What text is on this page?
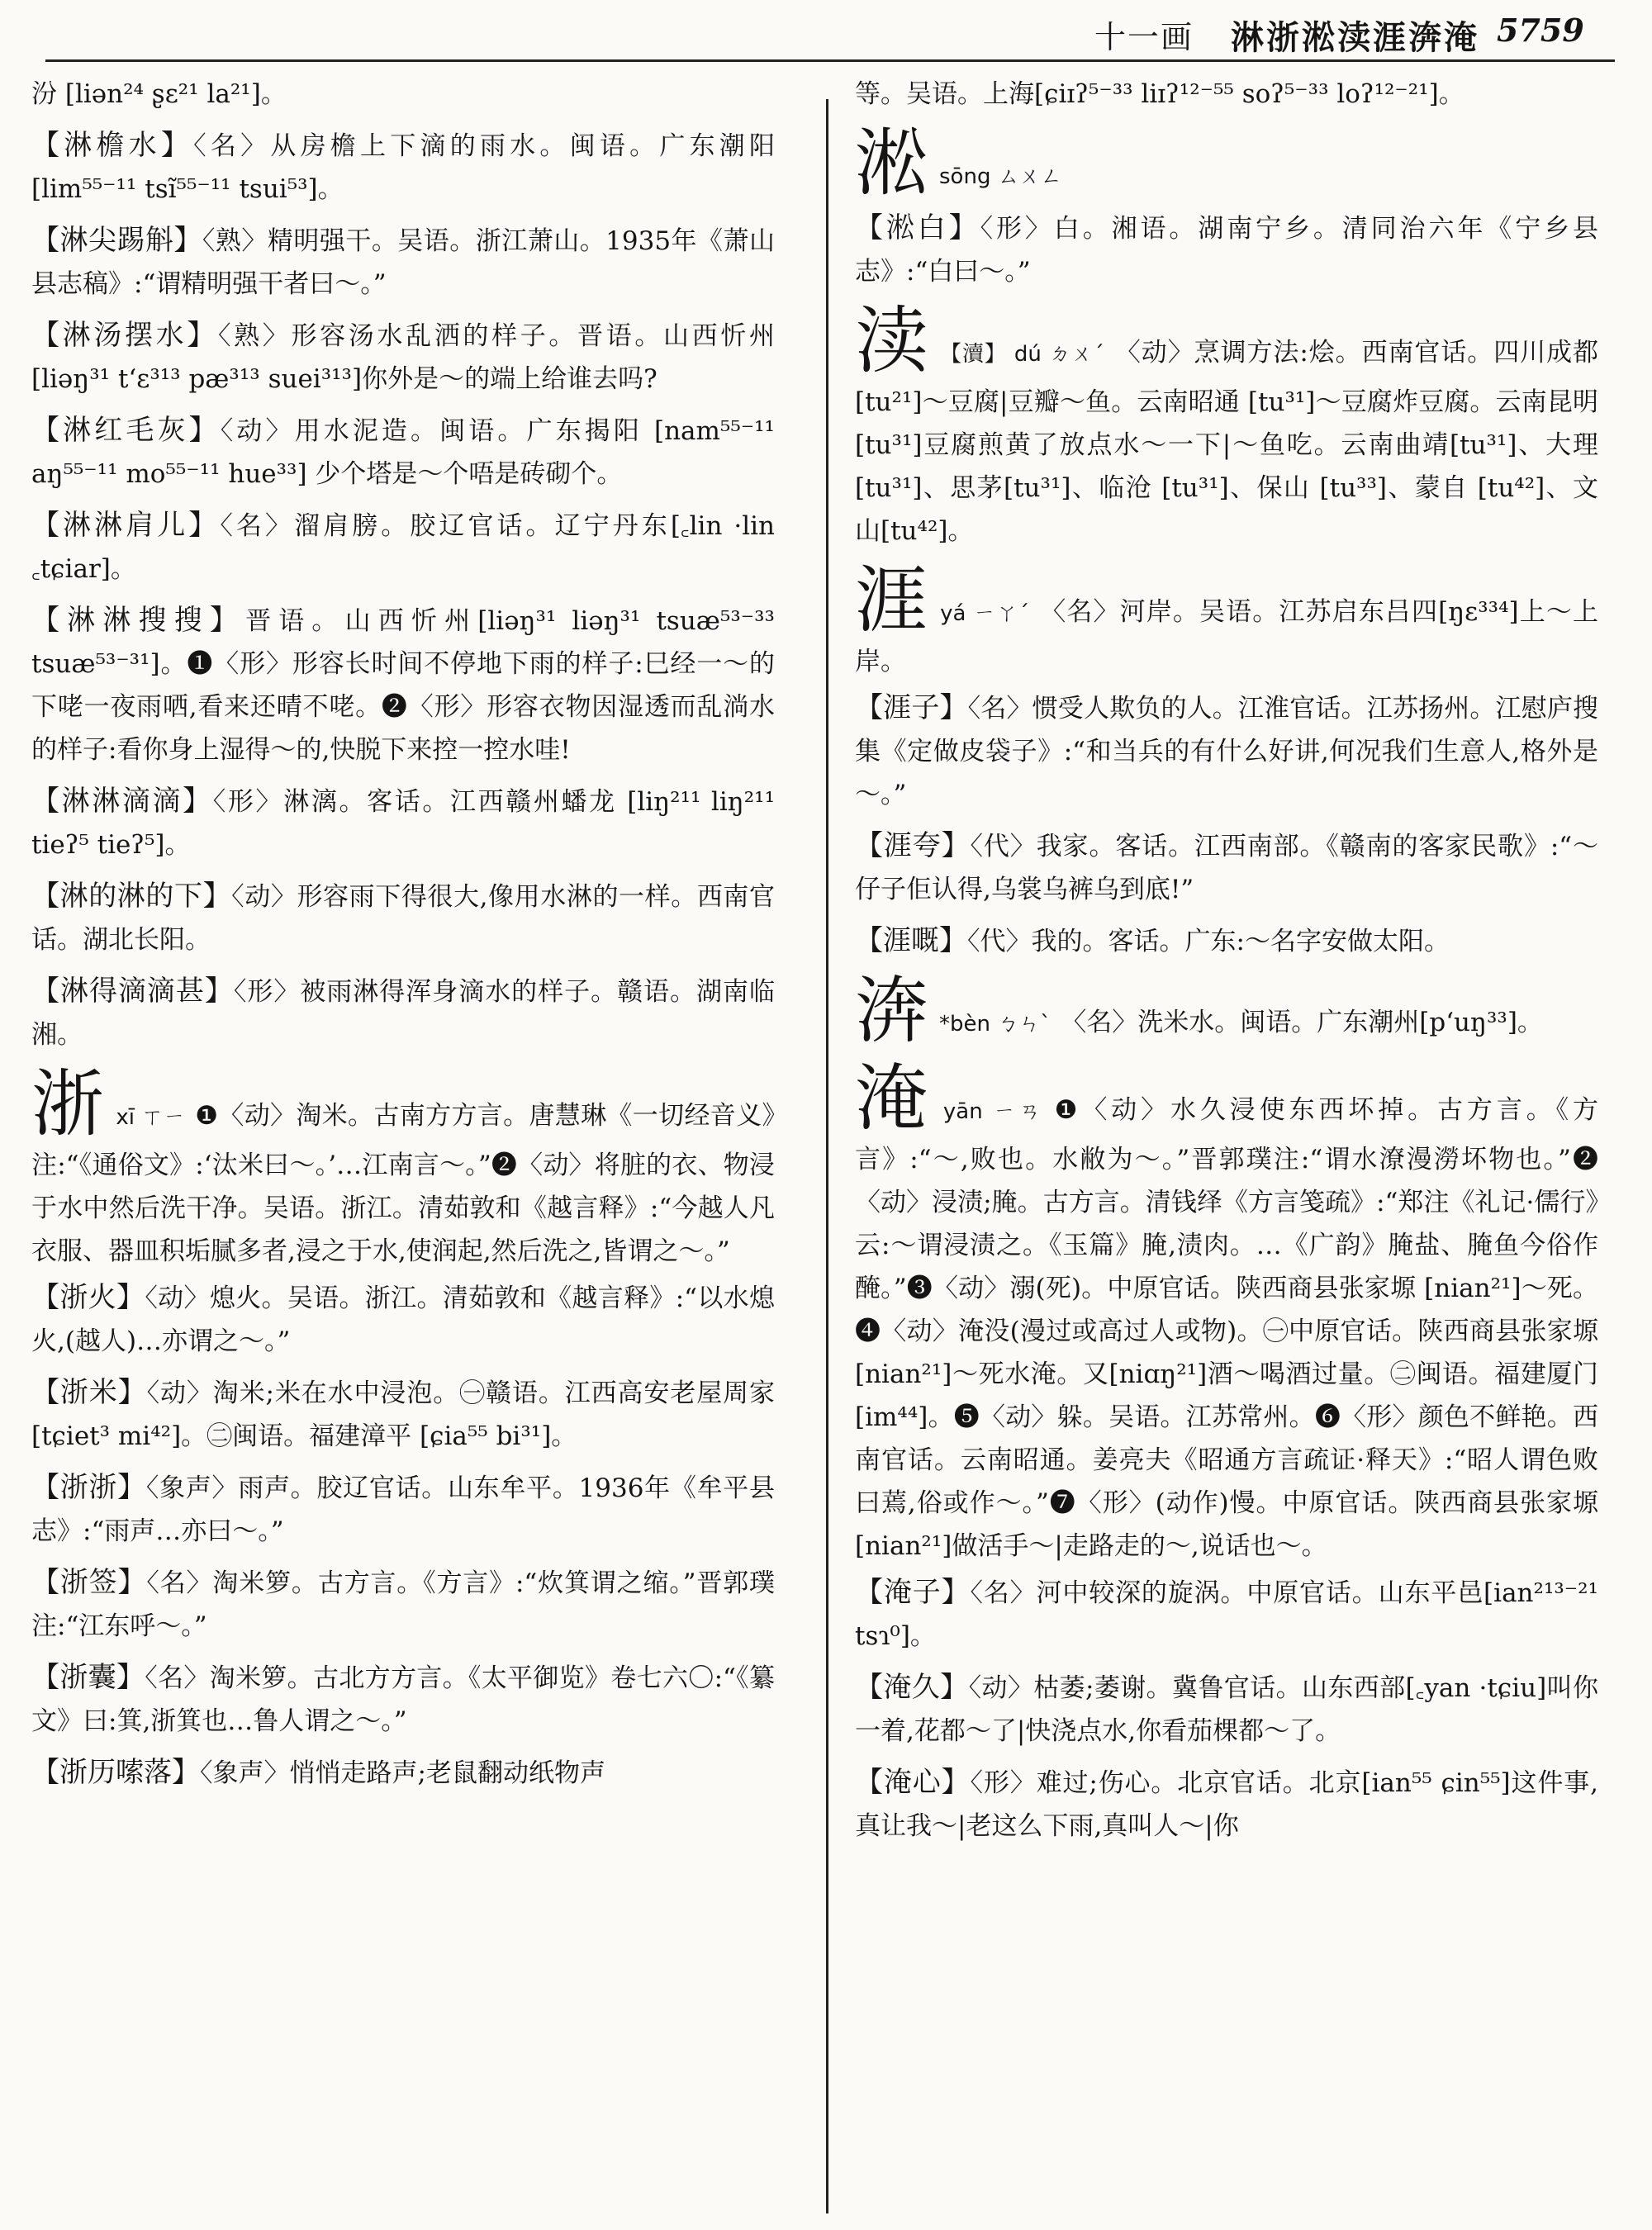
十一画 淋浙淞渎涯渀淹 5759

汾 [liən²⁴ ʂɛ²¹ la²¹]。

【淋檐水】〈名〉从房檐上下滴的雨水。闽语。广东潮阳[lim⁵⁵⁻¹¹ tsĩ⁵⁵⁻¹¹ tsui⁵³]。

【淋尖踢斛】〈熟〉精明强干。吴语。浙江萧山。1935年《萧山县志稿》:“谓精明强干者曰～。”

【淋汤摆水】〈熟〉形容汤水乱洒的样子。晋语。山西忻州 [liəŋ³¹ tʻɛ³¹³ pæ³¹³ suei³¹³]你外是～的端上给谁去吗?

【淋红毛灰】〈动〉用水泥造。闽语。广东揭阳 [nam⁵⁵⁻¹¹ aŋ⁵⁵⁻¹¹ mo⁵⁵⁻¹¹ hue³³] 少个塔是～个唔是砖砌个。

【淋淋肩儿】〈名〉溜肩膀。胶辽官话。辽宁丹东[꜀lin ·lin ꜀tɕiar]。

【淋淋搜搜】晋语。山西忻州[liəŋ³¹ liəŋ³¹ tsuæ⁵³⁻³³ tsuæ⁵³⁻³¹]。❶〈形〉形容长时间不停地下雨的样子:巳经一～的下咾一夜雨哂,看来还晴不咾。❷〈形〉形容衣物因湿透而乱淌水的样子:看你身上湿得～的,快脱下来控一控水哇!

【淋淋滴滴】〈形〉淋漓。客话。江西赣州蟠龙 [liŋ²¹¹ liŋ²¹¹ tieʔ⁵ tieʔ⁵]。

【淋的淋的下】〈动〉形容雨下得很大,像用水淋的一样。西南官话。湖北长阳。

【淋得滴滴甚】〈形〉被雨淋得浑身滴水的样子。赣语。湖南临湘。

浙xī ㄒㄧ ❶〈动〉淘米。古南方方言。唐慧琳《一切经音义》注:“《通俗文》:‘汰米曰～。’…江南言～。”❷〈动〉将脏的衣、物浸于水中然后洗干净。吴语。浙江。清茹敦和《越言释》:“今越人凡衣服、器皿积垢腻多者,浸之于水,使润起,然后洗之,皆谓之～。”

【浙火】〈动〉熄火。吴语。浙江。清茹敦和《越言释》:“以水熄火,(越人)…亦谓之～。”

【浙米】〈动〉淘米;米在水中浸泡。㊀赣语。江西高安老屋周家[tɕiet³ mi⁴²]。㊁闽语。福建漳平 [ɕia⁵⁵ bi³¹]。

【浙浙】〈象声〉雨声。胶辽官话。山东牟平。1936年《牟平县志》:“雨声…亦曰～。”

【浙签】〈名〉淘米箩。古方言。《方言》:“炊箕谓之缩。”晋郭璞注:“江东呼～。”

【浙囊】〈名〉淘米箩。古北方方言。《太平御览》卷七六〇:“《纂文》曰:箕,浙箕也…鲁人谓之～。”

【浙历嗦落】〈象声〉悄悄走路声;老鼠翻动纸物声

等。吴语。上海[ɕiɪʔ⁵⁻³³ liɪʔ¹²⁻⁵⁵ soʔ⁵⁻³³ loʔ¹²⁻²¹]。

淞sōng ㄙㄨㄥ

【淞白】〈形〉白。湘语。湖南宁乡。清同治六年《宁乡县志》:“白曰～。”

渎 【瀆】 dú ㄉㄨˊ 〈动〉烹调方法:烩。西南官话。四川成都[tu²¹]～豆腐|豆瓣～鱼。云南昭通 [tu³¹]～豆腐炸豆腐。云南昆明 [tu³¹]豆腐煎黄了放点水～一下|～鱼吃。云南曲靖[tu³¹]、大理 [tu³¹]、思茅[tu³¹]、临沧 [tu³¹]、保山 [tu³³]、蒙自 [tu⁴²]、文山[tu⁴²]。

涯yá ㄧㄚˊ 〈名〉河岸。吴语。江苏启东吕四[ŋɛ³³⁴]上～上岸。

【涯子】〈名〉惯受人欺负的人。江淮官话。江苏扬州。江慰庐搜集《定做皮袋子》:“和当兵的有什么好讲,何况我们生意人,格外是～。”

【涯夸】〈代〉我家。客话。江西南部。《赣南的客家民歌》:“～仔子佢认得,乌裳乌裤乌到底!”

【涯嘅】〈代〉我的。客话。广东:～名字安做太阳。

渀 *bèn ㄅㄣˋ 〈名〉洗米水。闽语。广东潮州[pʻuŋ³³]。

淹yān ㄧㄢ ❶〈动〉水久浸使东西坏掉。古方言。《方言》:“～,败也。水敝为～。”晋郭璞注:“谓水潦漫澇坏物也。”❷〈动〉浸渍;腌。古方言。清钱绎《方言笺疏》:“郑注《礼记·儒行》云:～谓浸渍之。《玉篇》腌,渍肉。…《广韵》腌盐、腌鱼今俗作醃。”❸〈动〉溺(死)。中原官话。陕西商县张家塬 [nian²¹]～死。❹〈动〉淹没(漫过或高过人或物)。㊀中原官话。陕西商县张家塬[nian²¹]～死水淹。又[niɑŋ²¹]酒～喝酒过量。㊁闽语。福建厦门[im⁴⁴]。❺〈动〉躲。吴语。江苏常州。❻〈形〉颜色不鲜艳。西南官话。云南昭通。姜亮夫《昭通方言疏证·释天》:“昭人谓色败曰蔫,俗或作～。”❼〈形〉(动作)慢。中原官话。陕西商县张家塬[nian²¹]做活手～|走路走的～,说话也～。

【淹子】〈名〉河中较深的旋涡。中原官话。山东平邑[ian²¹³⁻²¹ tsɿ⁰]。

【淹久】〈动〉枯萎;萎谢。冀鲁官话。山东西部[꜀yan ·tɕiu]叫你一着,花都～了|快浇点水,你看茄棵都～了。

【淹心】〈形〉难过;伤心。北京官话。北京[ian⁵⁵ ɕin⁵⁵]这件事,真让我～|老这么下雨,真叫人～|你
